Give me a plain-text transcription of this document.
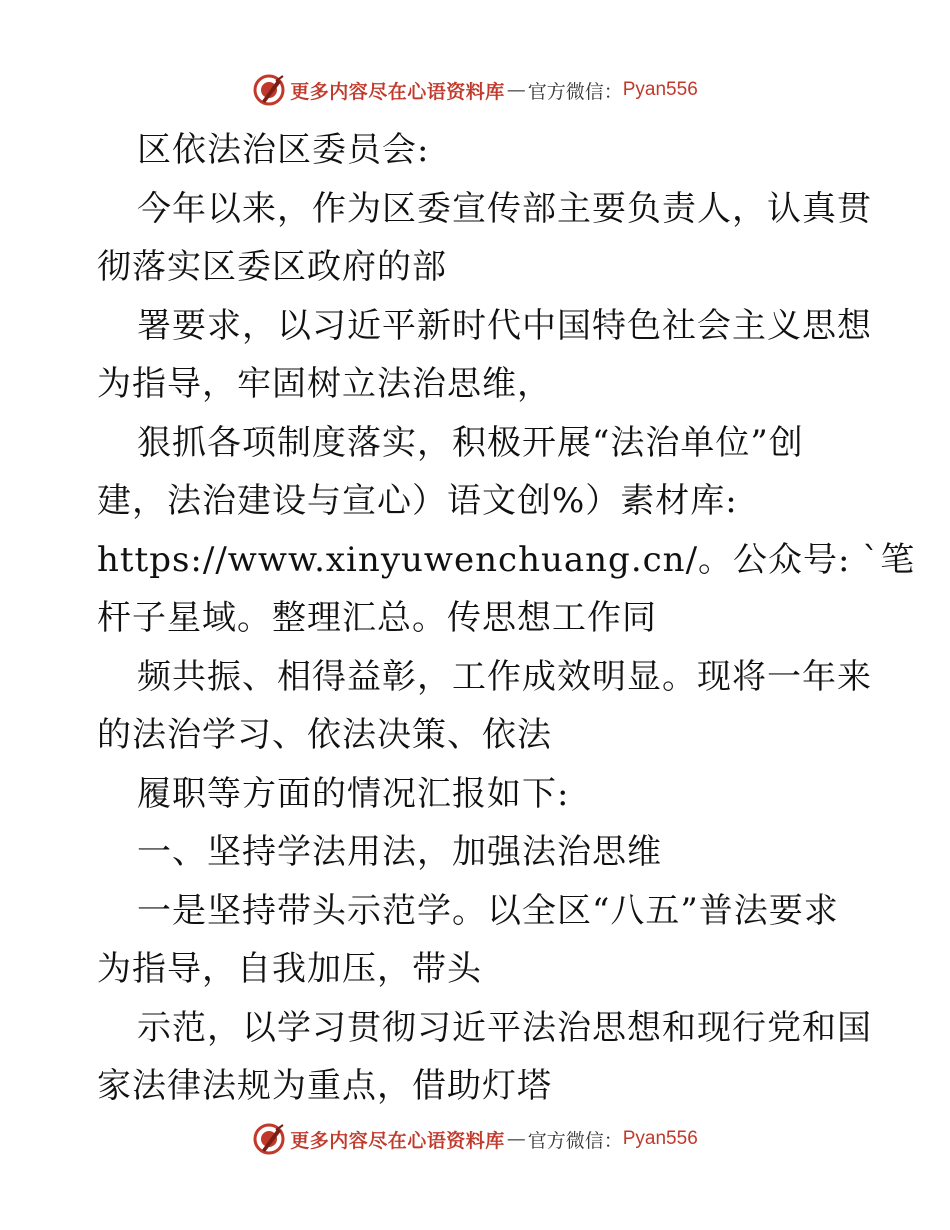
更多内容尽在心语资料库 — 官方微信： Pyan556
区依法治区委员会:
今年以来，作为区委宣传部主要负责人，认真贯
彻落实区委区政府的部
署要求，以习近平新时代中国特色社会主义思想
为指导，牢固树立法治思维，
狠抓各项制度落实，积极开展“法治单位”创
建，法治建设与宣心）语文创%）素材库:
https://www.xinyuwenchuang.cn/。公众号: `笔
杆子星域。整理汇总。传思想工作同
频共振、相得益彰，工作成效明显。现将一年来
的法治学习、依法决策、依法
履职等方面的情况汇报如下:
一、坚持学法用法，加强法治思维
一是坚持带头示范学。以全区“八五”普法要求
为指导，自我加压，带头
示范，以学习贯彻习近平法治思想和现行党和国
家法律法规为重点，借助灯塔
更多内容尽在心语资料库 — 官方微信： Pyan556
